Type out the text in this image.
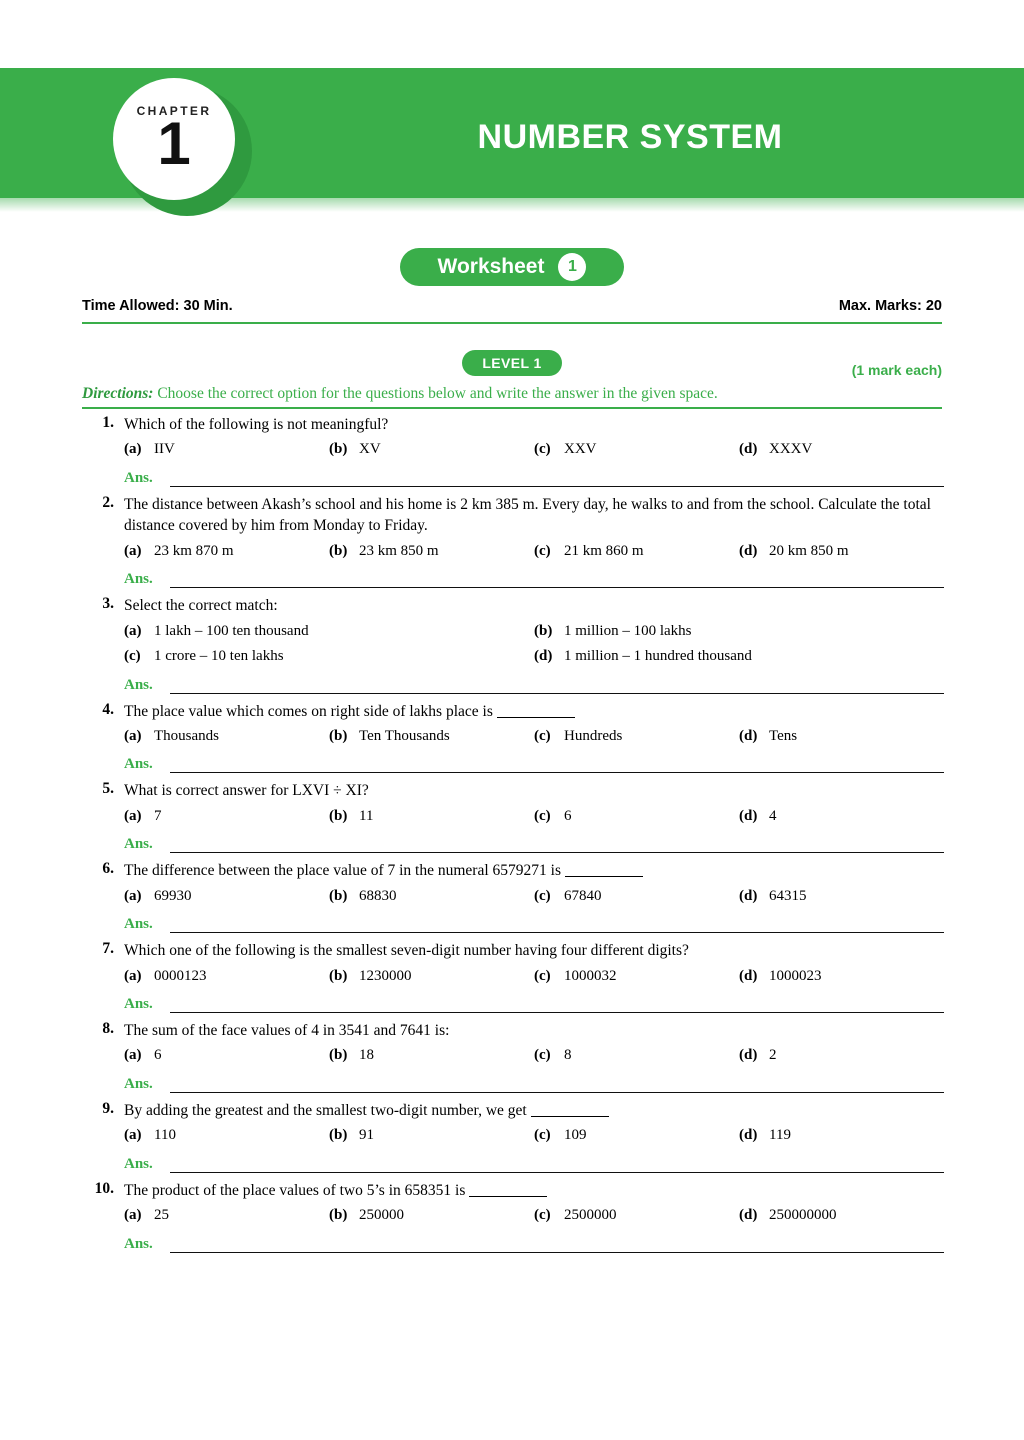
CHAPTER
1	NUMBER SYSTEM
Worksheet	1
Time Allowed: 30 Min.	Max. Marks: 20
LEVEL 1	(1 mark each)
Directions: Choose the correct option for the questions below and write the answer in the given space.
1. Which of the following is not meaningful?
(a) IIV	(b) XV	(c) XXV	(d) XXXV
Ans.
2. The distance between Akash’s school and his home is 2 km 385 m. Every day, he walks to and from the school. Calculate the total distance covered by him from Monday to Friday.
(a) 23 km 870 m	(b) 23 km 850 m	(c) 21 km 860 m	(d) 20 km 850 m
Ans.
3. Select the correct match:
(a) 1 lakh – 100 ten thousand	(b) 1 million – 100 lakhs
(c) 1 crore – 10 ten lakhs	(d) 1 million – 1 hundred thousand
Ans.
4. The place value which comes on right side of lakhs place is
(a) Thousands	(b) Ten Thousands	(c) Hundreds	(d) Tens
Ans.
5. What is correct answer for LXVI ÷ XI?
(a) 7	(b) 11	(c) 6	(d) 4
Ans.
6. The difference between the place value of 7 in the numeral 6579271 is
(a) 69930	(b) 68830	(c) 67840	(d) 64315
Ans.
7. Which one of the following is the smallest seven-digit number having four different digits?
(a) 0000123	(b) 1230000	(c) 1000032	(d) 1000023
Ans.
8. The sum of the face values of 4 in 3541 and 7641 is:
(a) 6	(b) 18	(c) 8	(d) 2
Ans.
9. By adding the greatest and the smallest two-digit number, we get
(a) 110	(b) 91	(c) 109	(d) 119
Ans.
10. The product of the place values of two 5’s in 658351 is
(a) 25	(b) 250000	(c) 2500000	(d) 250000000
Ans.
